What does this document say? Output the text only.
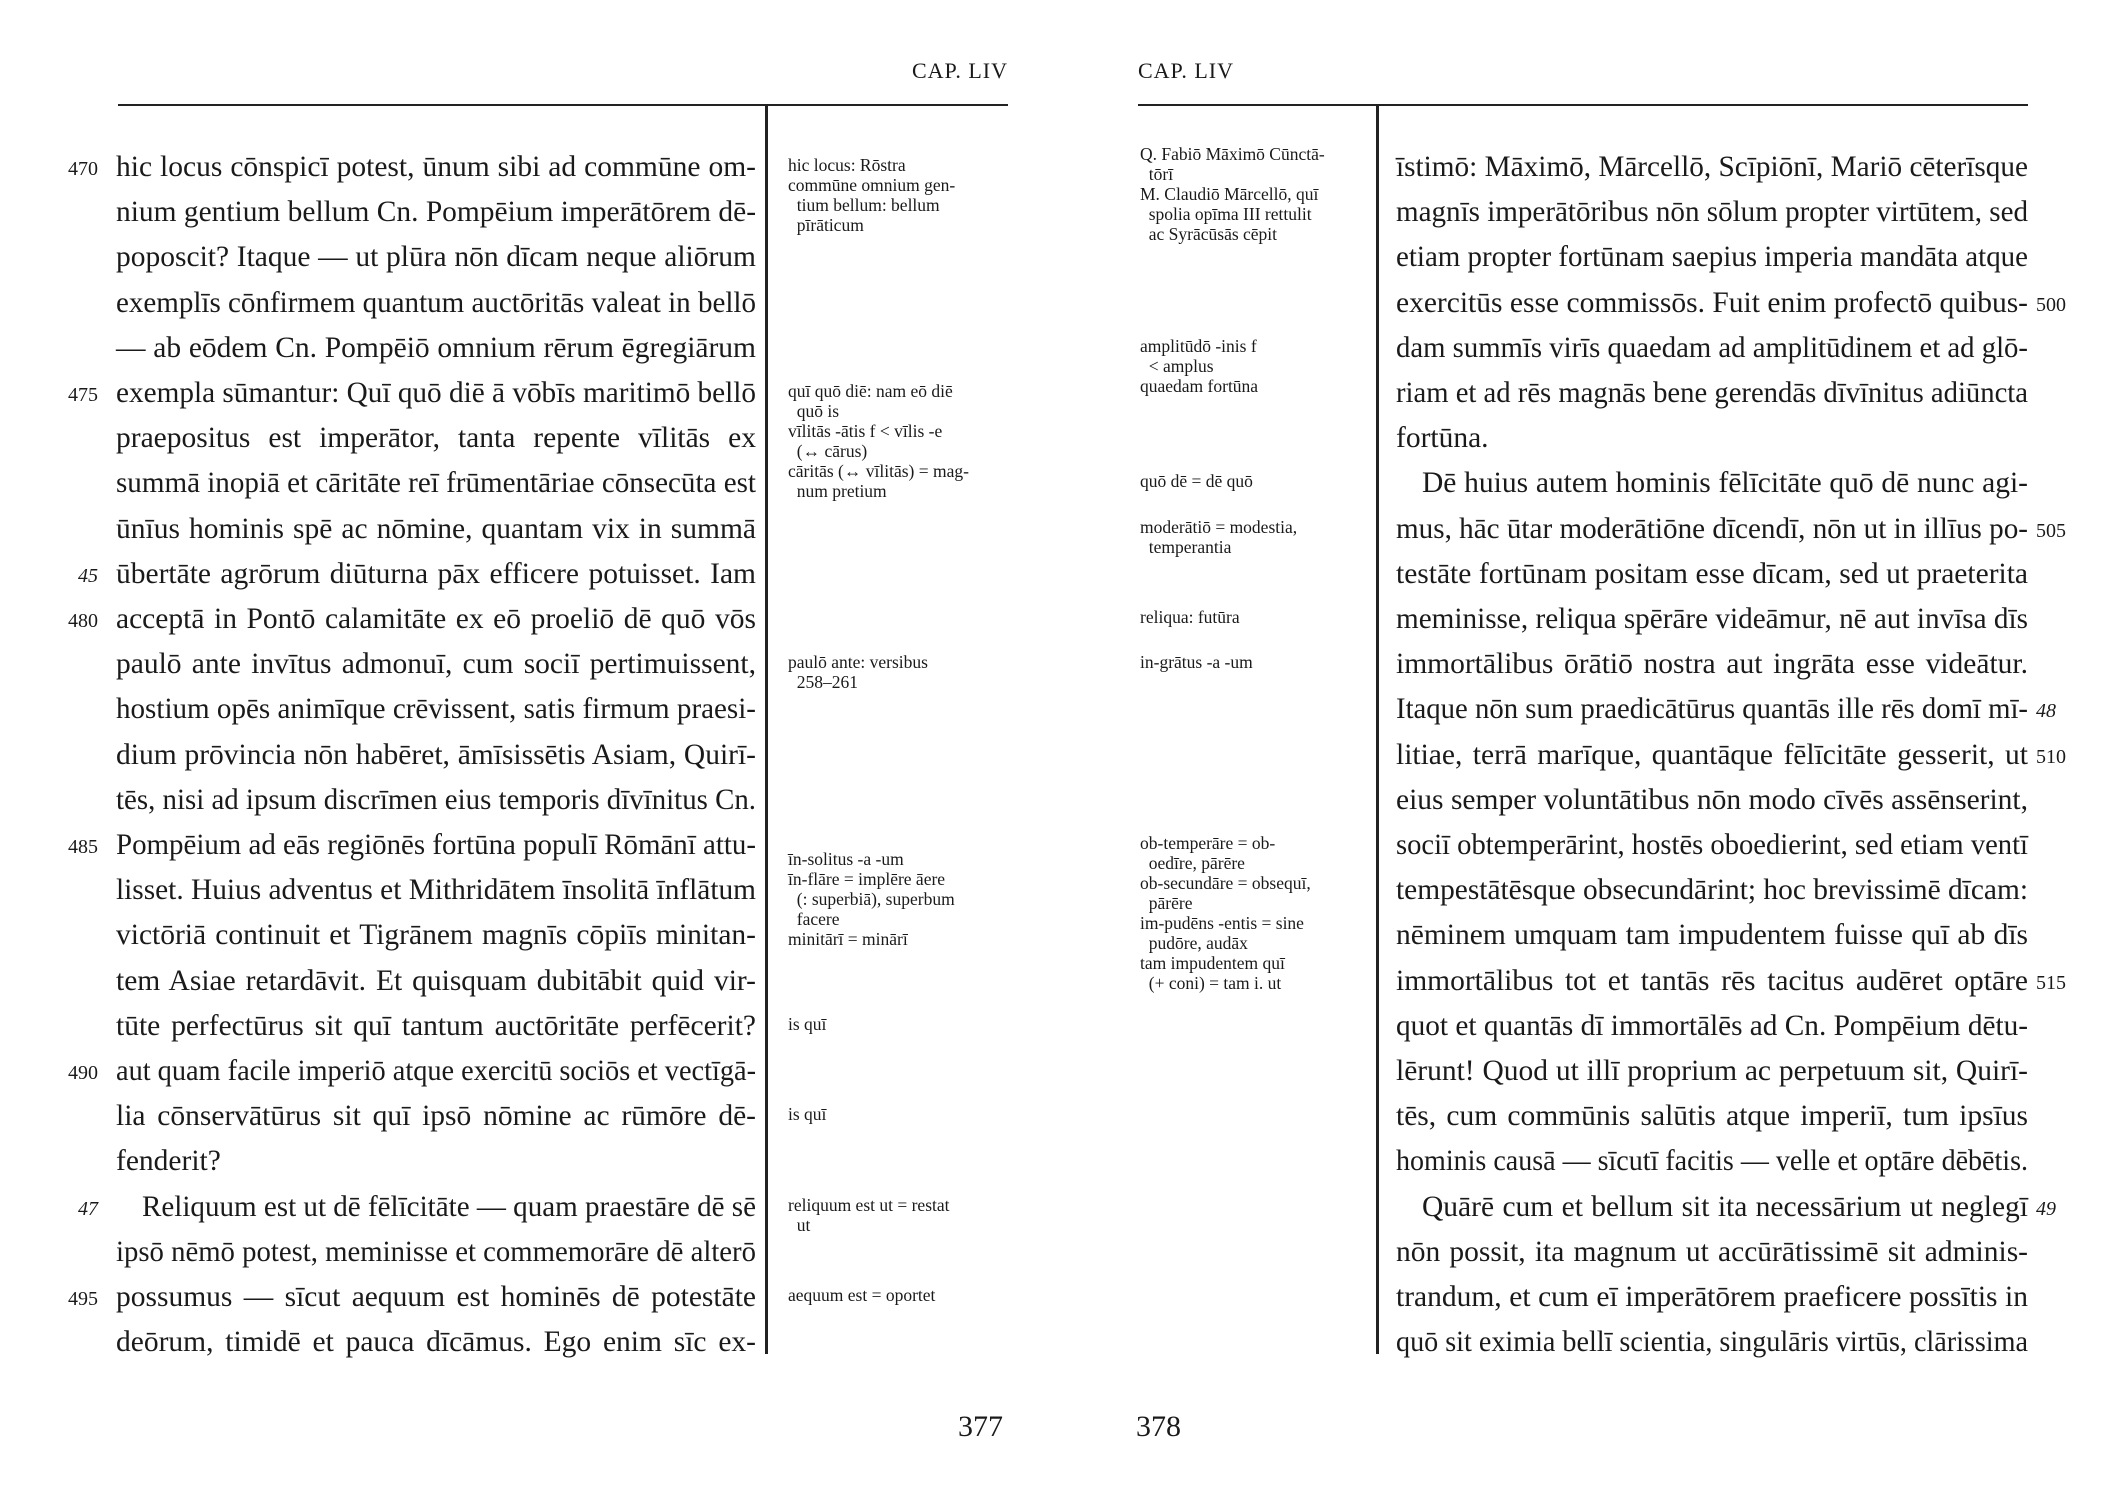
CAP. LIV
hic locus cōnspicī potest, ūnum sibi ad commūne om-
470
nium gentium bellum Cn. Pompēium imperātōrem dē-
poposcit? Itaque — ut plūra nōn dīcam neque aliōrum
exemplīs cōnfirmem quantum auctōritās valeat in bellō
— ab eōdem Cn. Pompēiō omnium rērum ēgregiārum
exempla sūmantur: Quī quō diē ā vōbīs maritimō bellō
475
praepositus est imperātor, tanta repente vīlitās ex
summā inopiā et cāritāte reī frūmentāriae cōnsecūta est
ūnīus hominis spē ac nōmine, quantam vix in summā
ūbertāte agrōrum diūturna pāx efficere potuisset. Iam
45
acceptā in Pontō calamitāte ex eō proeliō dē quō vōs
480
paulō ante invītus admonuī, cum sociī pertimuissent,
hostium opēs animīque crēvissent, satis firmum praesi-
dium prōvincia nōn habēret, āmīsissētis Asiam, Quirī-
tēs, nisi ad ipsum discrīmen eius temporis dīvīnitus Cn.
Pompēium ad eās regiōnēs fortūna populī Rōmānī attu-
485
lisset. Huius adventus et Mithridātem īnsolitā īnflātum
victōriā continuit et Tigrānem magnīs cōpiīs minitan-
tem Asiae retardāvit. Et quisquam dubitābit quid vir-
tūte perfectūrus sit quī tantum auctōritāte perfēcerit?
aut quam facile imperiō atque exercitū sociōs et vectīgā-
490
lia cōnservātūrus sit quī ipsō nōmine ac rūmōre dē-
fenderit?
Reliquum est ut dē fēlīcitāte — quam praestāre dē sē
47
ipsō nēmō potest, meminisse et commemorāre dē alterō
possumus — sīcut aequum est hominēs dē potestāte
495
deōrum, timidē et pauca dīcāmus. Ego enim sīc ex-
hic locus: Rōstra
commūne omnium gen-
tium bellum: bellum
pīrāticum
quī quō diē: nam eō diē
quō is
vīlitās -ātis f < vīlis -e
(↔ cārus)
cāritās (↔ vīlitās) = mag-
num pretium
paulō ante: versibus
258–261
īn-solitus -a -um
īn-flāre = implēre āere
(: superbiā), superbum
facere
minitārī = minārī
is quī
is quī
reliquum est ut = restat
ut
aequum est = oportet
377
CAP. LIV
īstimō: Māximō, Mārcellō, Scīpiōnī, Mariō cēterīsque
magnīs imperātōribus nōn sōlum propter virtūtem, sed
etiam propter fortūnam saepius imperia mandāta atque
exercitūs esse commissōs. Fuit enim profectō quibus- 500
dam summīs virīs quaedam ad amplitūdinem et ad glō-
riam et ad rēs magnās bene gerendās dīvīnitus adiūncta
fortūna.
Dē huius autem hominis fēlīcitāte quō dē nunc agi-
mus, hāc ūtar moderātiōne dīcendī, nōn ut in illīus po- 505
testāte fortūnam positam esse dīcam, sed ut praeterita
meminisse, reliqua spērāre videāmur, nē aut invīsa dīs
immortālibus ōrātiō nostra aut ingrāta esse videātur.
Itaque nōn sum praedicātūrus quantās ille rēs domī mī- 48
litiae, terrā marīque, quantāque fēlīcitāte gesserit, ut 510
eius semper voluntātibus nōn modo cīvēs assēnserint,
sociī obtemperārint, hostēs oboedierint, sed etiam ventī
tempestātēsque obsecundārint; hoc brevissimē dīcam:
nēminem umquam tam impudentem fuisse quī ab dīs
immortālibus tot et tantās rēs tacitus audēret optāre 515
quot et quantās dī immortālēs ad Cn. Pompēium dētu-
lērunt! Quod ut illī proprium ac perpetuum sit, Quirī-
tēs, cum commūnis salūtis atque imperiī, tum ipsīus
hominis causā — sīcutī facitis — velle et optāre dēbētis.
Quārē cum et bellum sit ita necessārium ut neglegī 49
nōn possit, ita magnum ut accūrātissimē sit adminis-
trandum, et cum eī imperātōrem praeficere possītis in
quō sit eximia bellī scientia, singulāris virtūs, clārissima
Q. Fabiō Māximō Cūnctā-
tōrī
M. Claudiō Mārcellō, quī
spolia opīma III rettulit
ac Syrācūsās cēpit
amplitūdō -inis f
< amplus
quaedam fortūna
quō dē = dē quō
moderātiō = modestia,
temperantia
reliqua: futūra
in-grātus -a -um
ob-temperāre = ob-
oedīre, pārēre
ob-secundāre = obsequī,
pārēre
im-pudēns -entis = sine
pudōre, audāx
tam impudentem quī
(+ coni) = tam i. ut
378
